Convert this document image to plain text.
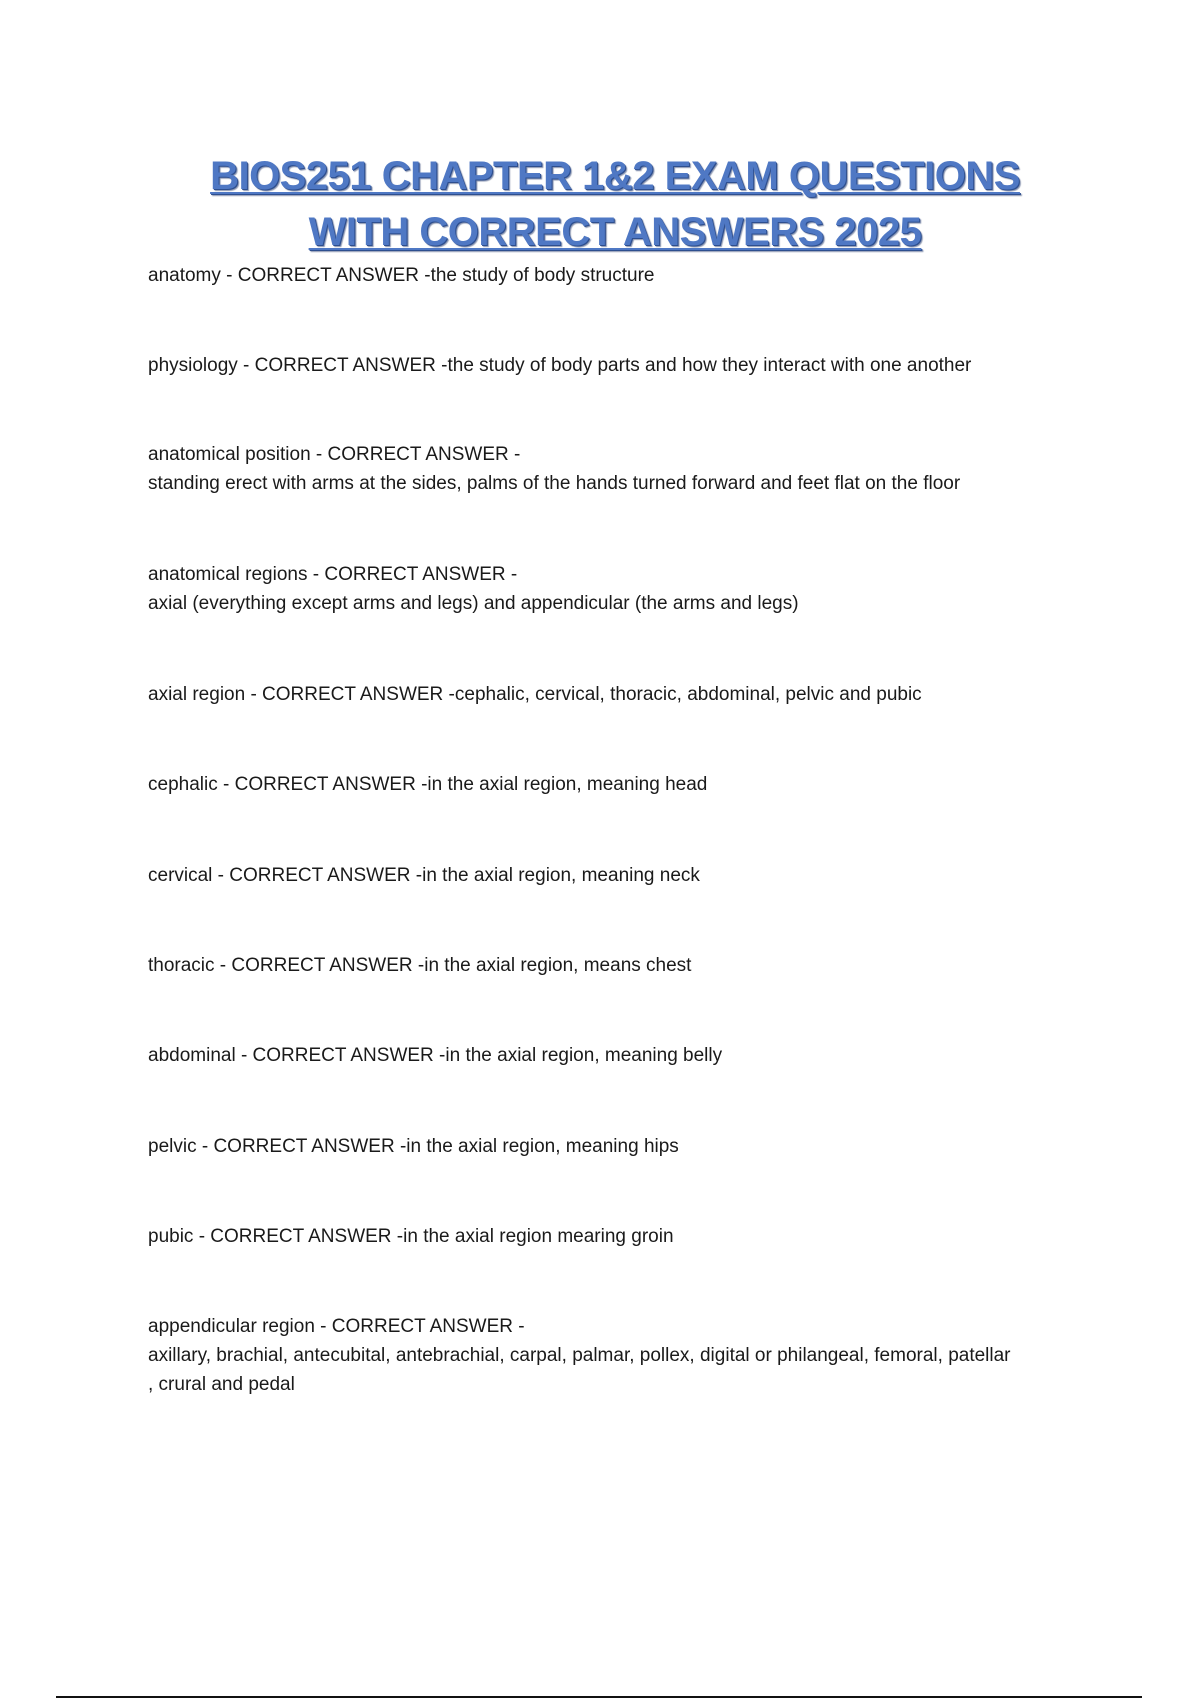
BIOS251 CHAPTER 1&2 EXAM QUESTIONS
WITH CORRECT ANSWERS 2025
anatomy - CORRECT ANSWER -the study of body structure
physiology - CORRECT ANSWER -the study of body parts and how they interact with one another
anatomical position - CORRECT ANSWER -
standing erect with arms at the sides, palms of the hands turned forward and feet flat on the floor
anatomical regions - CORRECT ANSWER -
axial (everything except arms and legs) and appendicular (the arms and legs)
axial region - CORRECT ANSWER -cephalic, cervical, thoracic, abdominal, pelvic and pubic
cephalic - CORRECT ANSWER -in the axial region, meaning head
cervical - CORRECT ANSWER -in the axial region, meaning neck
thoracic - CORRECT ANSWER -in the axial region, means chest
abdominal - CORRECT ANSWER -in the axial region, meaning belly
pelvic - CORRECT ANSWER -in the axial region, meaning hips
pubic - CORRECT ANSWER -in the axial region mearing groin
appendicular region - CORRECT ANSWER -
axillary, brachial, antecubital, antebrachial, carpal, palmar, pollex, digital or philangeal, femoral, patellar
, crural and pedal
